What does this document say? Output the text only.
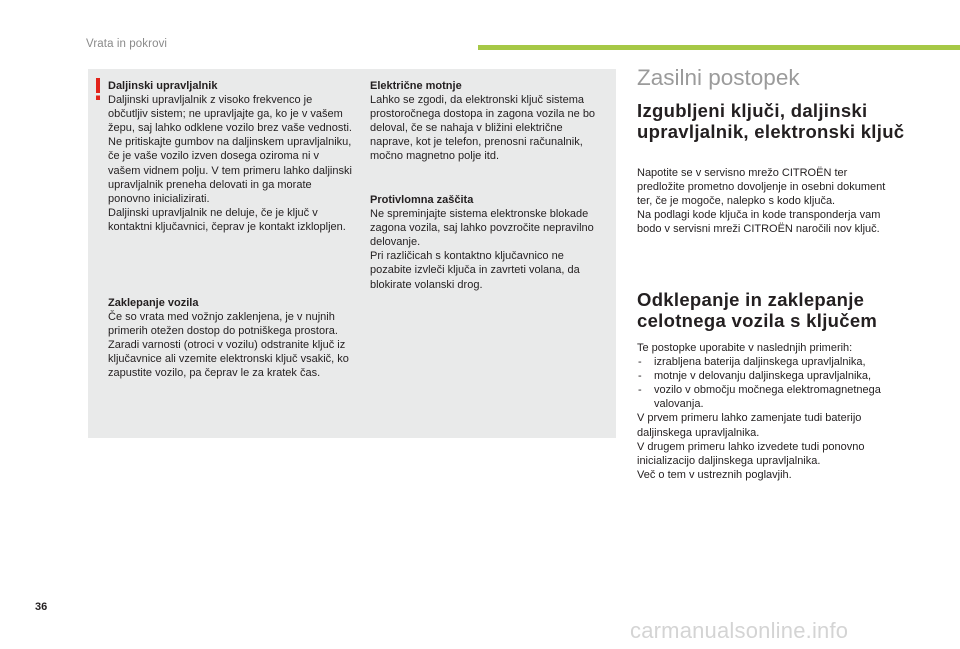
Vrata in pokrovi

Daljinski upravljalnik

Daljinski upravljalnik z visoko frekvenco je občutljiv sistem; ne upravljajte ga, ko je v vašem žepu, saj lahko odklene vozilo brez vaše vednosti.

Ne pritiskajte gumbov na daljinskem upravljalniku, če je vaše vozilo izven dosega oziroma ni v vašem vidnem polju. V tem primeru lahko daljinski upravljalnik preneha delovati in ga morate ponovno inicializirati.

Daljinski upravljalnik ne deluje, če je ključ v kontaktni ključavnici, čeprav je kontakt izklopljen.

Zaklepanje vozila

Če so vrata med vožnjo zaklenjena, je v nujnih primerih otežen dostop do potniškega prostora.

Zaradi varnosti (otroci v vozilu) odstranite ključ iz ključavnice ali vzemite elektronski ključ vsakič, ko zapustite vozilo, pa čeprav le za kratek čas.

Električne motnje

Lahko se zgodi, da elektronski ključ sistema prostoročnega dostopa in zagona vozila ne bo deloval, če se nahaja v bližini električne naprave, kot je telefon, prenosni računalnik, močno magnetno polje itd.

Protivlomna zaščita

Ne spreminjajte sistema elektronske blokade zagona vozila, saj lahko povzročite nepravilno delovanje.

Pri različicah s kontaktno ključavnico ne pozabite izvleči ključa in zavrteti volana, da blokirate volanski drog.

Zasilni postopek
Izgubljeni ključi, daljinski upravljalnik, elektronski ključ

Napotite se v servisno mrežo CITROËN ter predložite prometno dovoljenje in osebni dokument ter, če je mogoče, nalepko s kodo ključa.

Na podlagi kode ključa in kode transponderja vam bodo v servisni mreži CITROËN naročili nov ključ.

Odklepanje in zaklepanje celotnega vozila s ključem

Te postopke uporabite v naslednjih primerih:

- izrabljena baterija daljinskega upravljalnika,
- motnje v delovanju daljinskega upravljalnika,
- vozilo v območju močnega elektromagnetnega valovanja.

V prvem primeru lahko zamenjate tudi baterijo daljinskega upravljalnika.

V drugem primeru lahko izvedete tudi ponovno inicializacijo daljinskega upravljalnika.

Več o tem v ustreznih poglavjih.

36
carmanualsonline.info
